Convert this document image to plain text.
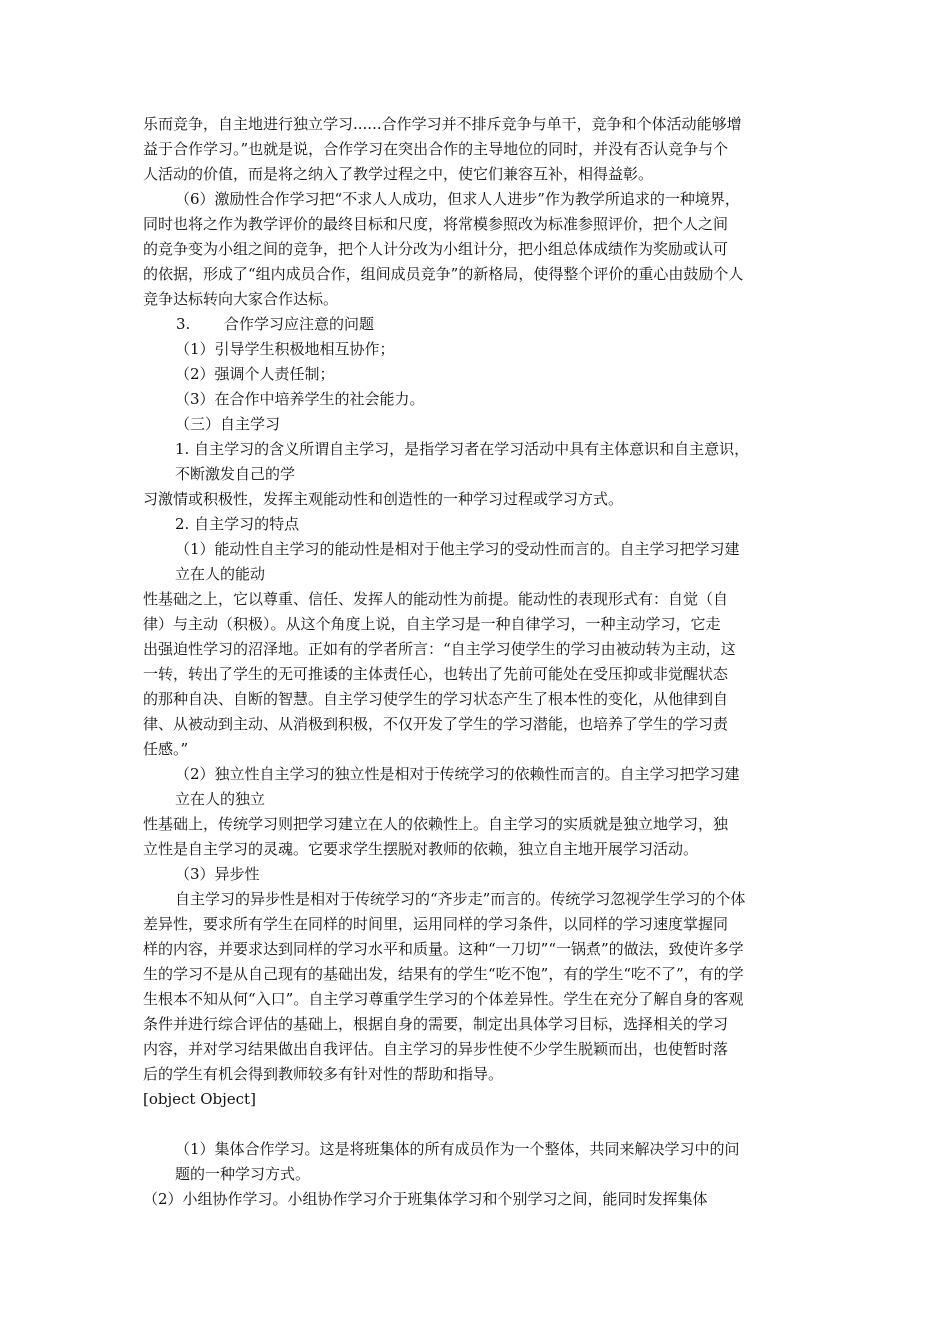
乐而竞争，自主地进行独立学习......合作学习并不排斥竞争与单干，竞争和个体活动能够增
益于合作学习。”也就是说，合作学习在突出合作的主导地位的同时，并没有否认竞争与个
人活动的价值，而是将之纳入了教学过程之中，使它们兼容互补，相得益彰。
（6）激励性合作学习把“不求人人成功，但求人人进步”作为教学所追求的一种境界，
同时也将之作为教学评价的最终目标和尺度，将常模参照改为标准参照评价，把个人之间
的竞争变为小组之间的竞争，把个人计分改为小组计分，把小组总体成绩作为奖励或认可
的依据，形成了“组内成员合作，组间成员竞争”的新格局，使得整个评价的重心由鼓励个人
竞争达标转向大家合作达标。
3. 合作学习应注意的问题
（1）引导学生积极地相互协作；
（2）强调个人责任制；
（3）在合作中培养学生的社会能力。
（三）自主学习
1. 自主学习的含义所谓自主学习，是指学习者在学习活动中具有主体意识和自主意识，
不断激发自己的学
习激情或积极性，发挥主观能动性和创造性的一种学习过程或学习方式。
2. 自主学习的特点
（1）能动性自主学习的能动性是相对于他主学习的受动性而言的。自主学习把学习建
立在人的能动
性基础之上，它以尊重、信任、发挥人的能动性为前提。能动性的表现形式有：自觉（自
律）与主动（积极）。从这个角度上说，自主学习是一种自律学习，一种主动学习，它走
出强迫性学习的沼泽地。正如有的学者所言：“自主学习使学生的学习由被动转为主动，这
一转，转出了学生的无可推诿的主体责任心，也转出了先前可能处在受压抑或非觉醒状态
的那种自决、自断的智慧。自主学习使学生的学习状态产生了根本性的变化，从他律到自
律、从被动到主动、从消极到积极，不仅开发了学生的学习潜能，也培养了学生的学习责
任感。”
（2）独立性自主学习的独立性是相对于传统学习的依赖性而言的。自主学习把学习建
立在人的独立
性基础上，传统学习则把学习建立在人的依赖性上。自主学习的实质就是独立地学习，独
立性是自主学习的灵魂。它要求学生摆脱对教师的依赖，独立自主地开展学习活动。
（3）异步性
自主学习的异步性是相对于传统学习的“齐步走”而言的。传统学习忽视学生学习的个体
差异性，要求所有学生在同样的时间里，运用同样的学习条件，以同样的学习速度掌握同
样的内容，并要求达到同样的学习水平和质量。这种“一刀切”“一锅煮”的做法，致使许多学
生的学习不是从自己现有的基础出发，结果有的学生“吃不饱”，有的学生“吃不了”，有的学
生根本不知从何“入口”。自主学习尊重学生学习的个体差异性。学生在充分了解自身的客观
条件并进行综合评估的基础上，根据自身的需要，制定出具体学习目标，选择相关的学习
内容，并对学习结果做出自我评估。自主学习的异步性使不少学生脱颖而出，也使暂时落
后的学生有机会得到教师较多有针对性的帮助和指导。
[object Object]
（1）集体合作学习。这是将班集体的所有成员作为一个整体，共同来解决学习中的问
题的一种学习方式。
（2）小组协作学习。小组协作学习介于班集体学习和个别学习之间，能同时发挥集体
